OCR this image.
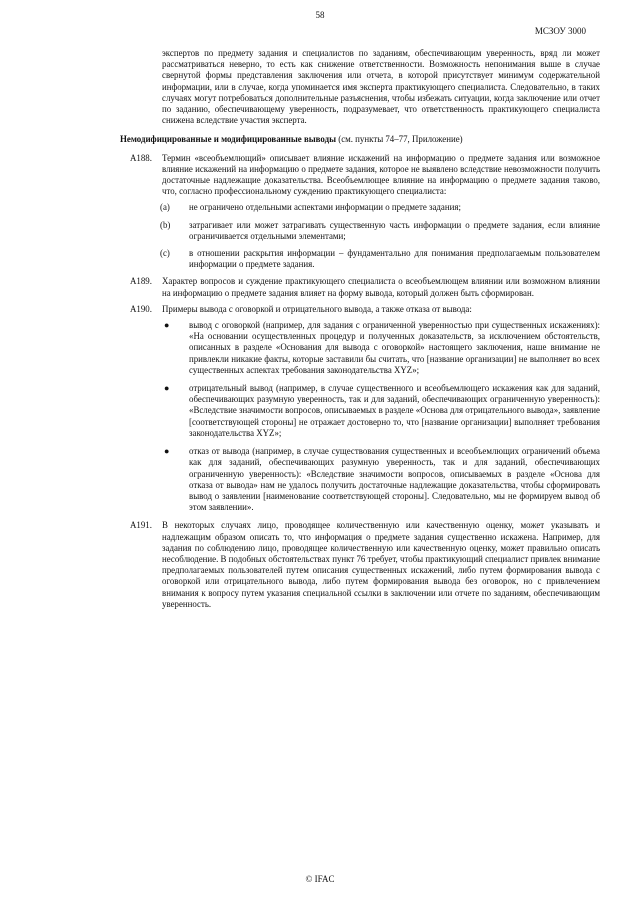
58
МСЗОУ 3000

экспертов по предмету задания и специалистов по заданиям, обеспечивающим уверенность, вряд ли может рассматриваться неверно, то есть как снижение ответственности. Возможность непонимания выше в случае свернутой формы представления заключения или отчета, в которой присутствует минимум содержательной информации, или в случае, когда упоминается имя эксперта практикующего специалиста. Следовательно, в таких случаях могут потребоваться дополнительные разъяснения, чтобы избежать ситуации, когда заключение или отчет по заданию, обеспечивающему уверенность, подразумевает, что ответственность практикующего специалиста снижена вследствие участия эксперта.

Немодифицированные и модифицированные выводы (см. пункты 74–77, Приложение)

A188.	Термин «всеобъемлющий» описывает влияние искажений на информацию о предмете задания или возможное влияние искажений на информацию о предмете задания, которое не выявлено вследствие невозможности получить достаточные надлежащие доказательства. Всеобъемлющее влияние на информацию о предмете задания таково, что, согласно профессиональному суждению практикующего специалиста:
(a) не ограничено отдельными аспектами информации о предмете задания;
(b) затрагивает или может затрагивать существенную часть информации о предмете задания, если влияние ограничивается отдельными элементами;
(c) в отношении раскрытия информации – фундаментально для понимания предполагаемым пользователем информации о предмете задания.
A189.	Характер вопросов и суждение практикующего специалиста о всеобъемлющем влиянии или возможном влиянии на информацию о предмете задания влияет на форму вывода, который должен быть сформирован.
A190.	Примеры вывода с оговоркой и отрицательного вывода, а также отказа от вывода:
● вывод с оговоркой (например, для задания с ограниченной уверенностью при существенных искажениях): «На основании осуществленных процедур и полученных доказательств, за исключением обстоятельств, описанных в разделе «Основания для вывода с оговоркой» настоящего заключения, наше внимание не привлекли никакие факты, которые заставили бы считать, что [название организации] не выполняет во всех существенных аспектах требования законодательства XYZ»;
● отрицательный вывод (например, в случае существенного и всеобъемлющего искажения как для заданий, обеспечивающих разумную уверенность, так и для заданий, обеспечивающих ограниченную уверенность): «Вследствие значимости вопросов, описываемых в разделе «Основа для отрицательного вывода», заявление [соответствующей стороны] не отражает достоверно то, что [название организации] выполняет требования законодательства XYZ»;
● отказ от вывода (например, в случае существования существенных и всеобъемлющих ограничений объема как для заданий, обеспечивающих разумную уверенность, так и для заданий, обеспечивающих ограниченную уверенность): «Вследствие значимости вопросов, описываемых в разделе «Основа для отказа от вывода» нам не удалось получить достаточные надлежащие доказательства, чтобы сформировать вывод о заявлении [наименование соответствующей стороны]. Следовательно, мы не формируем вывод об этом заявлении».
A191.	В некоторых случаях лицо, проводящее количественную или качественную оценку, может указывать и надлежащим образом описать то, что информация о предмете задания существенно искажена. Например, для задания по соблюдению лицо, проводящее количественную или качественную оценку, может правильно описать несоблюдение. В подобных обстоятельствах пункт 76 требует, чтобы практикующий специалист привлек внимание предполагаемых пользователей путем описания существенных искажений, либо путем формирования вывода с оговоркой или отрицательного вывода, либо путем формирования вывода без оговорок, но с привлечением внимания к вопросу путем указания специальной ссылки в заключении или отчете по заданиям, обеспечивающим уверенность.
© IFAC
